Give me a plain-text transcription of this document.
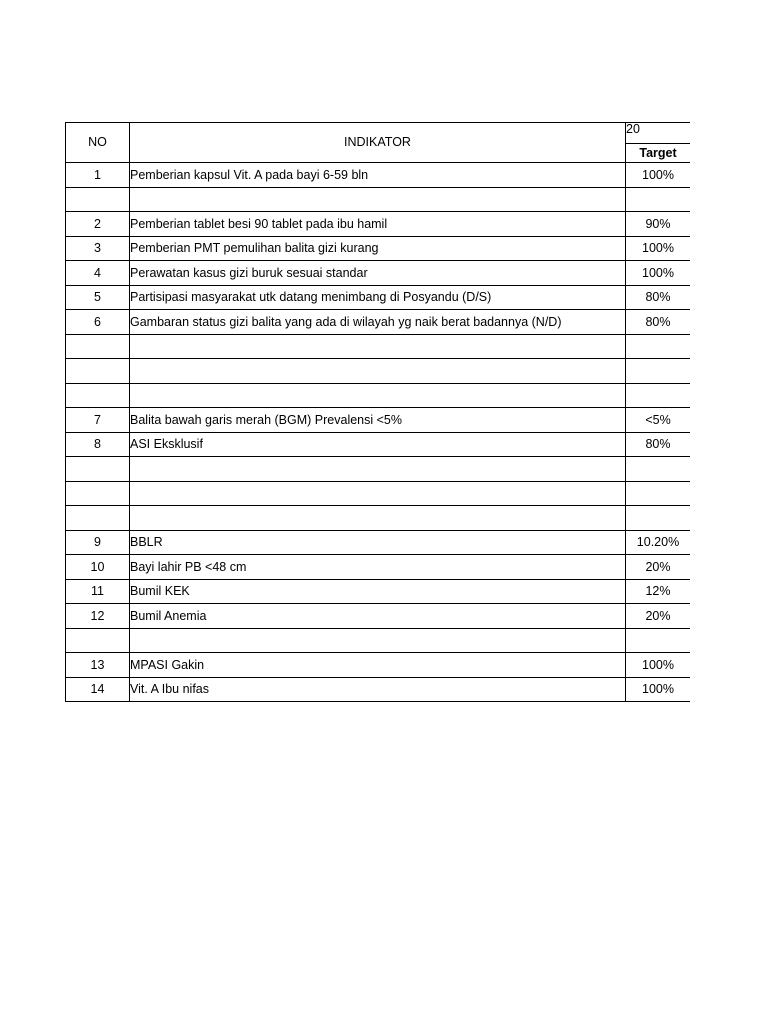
NO	INDIKATOR	20	
		Target	
1	Pemberian kapsul Vit. A pada bayi 6-59 bln	100%	

2	Pemberian tablet besi 90 tablet pada ibu hamil	90%	
3	Pemberian PMT pemulihan balita gizi kurang	100%	
4	Perawatan kasus gizi buruk sesuai standar	100%	
5	Partisipasi masyarakat utk datang menimbang di Posyandu (D/S)	80%	
6	Gambaran status gizi balita yang ada di wilayah yg naik berat badannya (N/D)	80%	

7	Balita bawah garis merah (BGM) Prevalensi <5%	<5%	
8	ASI Eksklusif	80%	

9	BBLR	10.20%	
10	Bayi lahir PB <48 cm	20%	
11	Bumil KEK	12%	
12	Bumil Anemia	20%	

13	MPASI Gakin	100%	
14	Vit. A Ibu nifas	100%	
